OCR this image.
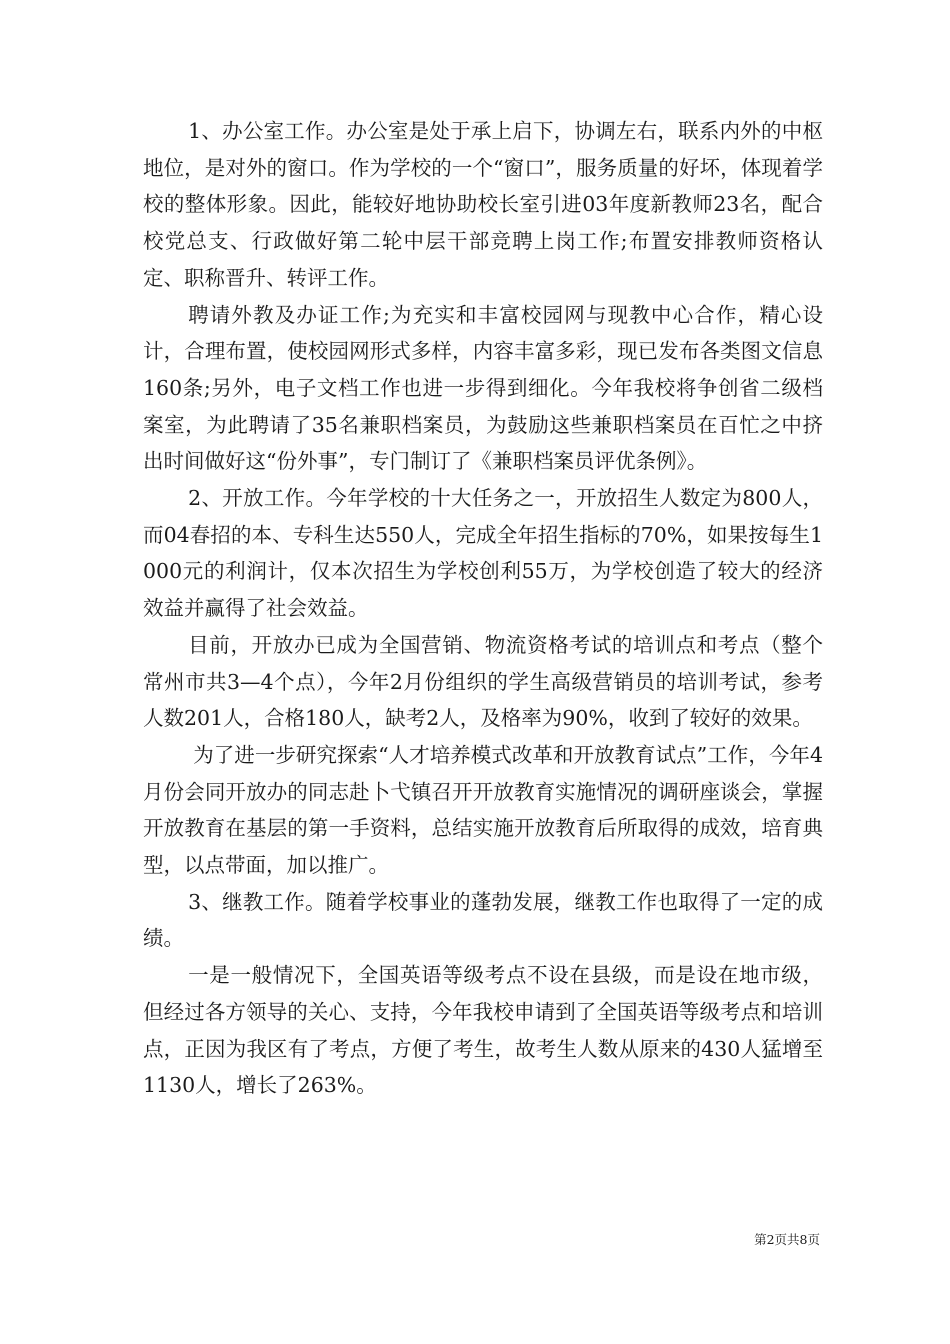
1、办公室工作。办公室是处于承上启下，协调左右，联系内外的中枢地位，是对外的窗口。作为学校的一个“窗口”，服务质量的好坏，体现着学校的整体形象。因此，能较好地协助校长室引进03年度新教师23名，配合校党总支、行政做好第二轮中层干部竞聘上岗工作;布置安排教师资格认定、职称晋升、转评工作。

聘请外教及办证工作;为充实和丰富校园网与现教中心合作，精心设计，合理布置，使校园网形式多样，内容丰富多彩，现已发布各类图文信息160条;另外，电子文档工作也进一步得到细化。今年我校将争创省二级档案室，为此聘请了35名兼职档案员，为鼓励这些兼职档案员在百忙之中挤出时间做好这“份外事”，专门制订了《兼职档案员评优条例》。

2、开放工作。今年学校的十大任务之一，开放招生人数定为800人，而04春招的本、专科生达550人，完成全年招生指标的70%，如果按每生1000元的利润计，仅本次招生为学校创利55万，为学校创造了较大的经济效益并赢得了社会效益。

目前，开放办已成为全国营销、物流资格考试的培训点和考点（整个常州市共3—4个点），今年2月份组织的学生高级营销员的培训考试，参考人数201人，合格180人，缺考2人，及格率为90%，收到了较好的效果。

为了进一步研究探索“人才培养模式改革和开放教育试点”工作，今年4月份会同开放办的同志赴卜弋镇召开开放教育实施情况的调研座谈会，掌握开放教育在基层的第一手资料，总结实施开放教育后所取得的成效，培育典型，以点带面，加以推广。

3、继教工作。随着学校事业的蓬勃发展，继教工作也取得了一定的成绩。

一是一般情况下，全国英语等级考点不设在县级，而是设在地市级，但经过各方领导的关心、支持，今年我校申请到了全国英语等级考点和培训点，正因为我区有了考点，方便了考生，故考生人数从原来的430人猛增至1130人，增长了263%。

第2页共8页
